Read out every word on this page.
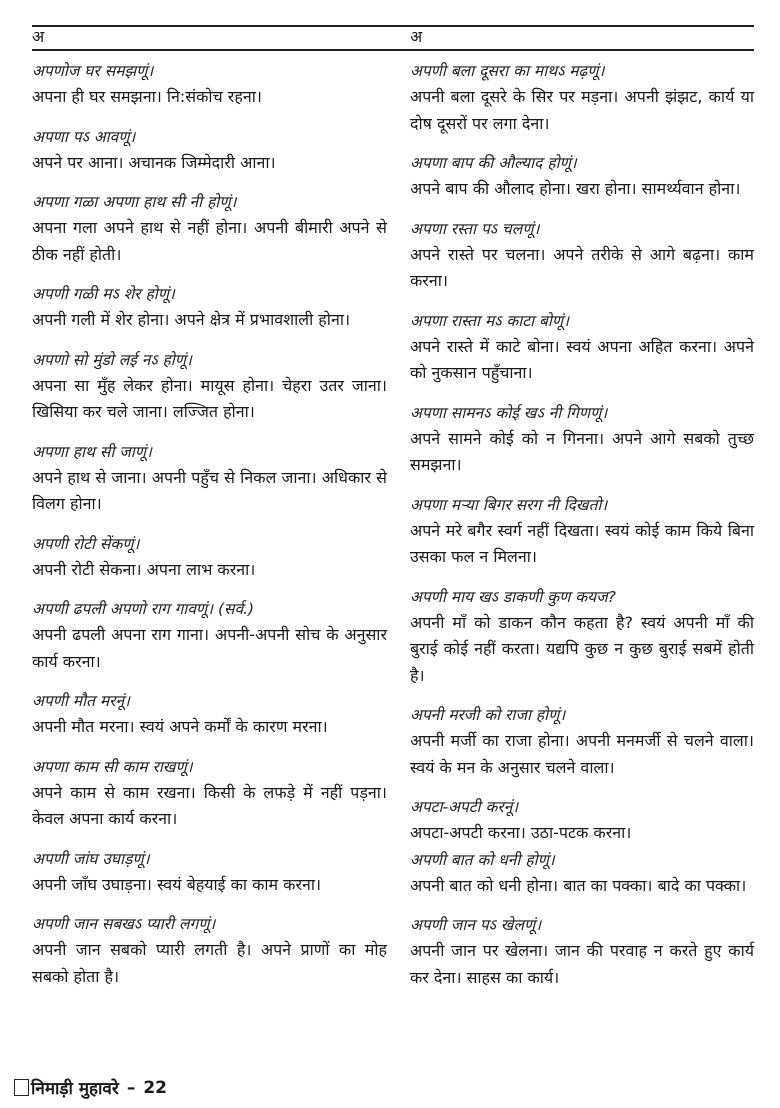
अ	अ
अपणोज घर समझणूं।
अपना ही घर समझना। नि:संकोच रहना।
अपणा पऽ आवणूं।
अपने पर आना। अचानक जिम्मेदारी आना।
अपणा गळा अपणा हाथ सी नी होणूं।
अपना गला अपने हाथ से नहीं होना। अपनी बीमारी अपने से ठीक नहीं होती।
अपणी गळी मऽ शेर होणूं।
अपनी गली में शेर होना। अपने क्षेत्र में प्रभावशाली होना।
अपणो सो मुंडो लई नऽ होणूं।
अपना सा मुँह लेकर होना। मायूस होना। चेहरा उतर जाना। खिसिया कर चले जाना। लज्जित होना।
अपणा हाथ सी जाणूं।
अपने हाथ से जाना। अपनी पहुँच से निकल जाना। अधिकार से विलग होना।
अपणी रोटी सेंकणूं।
अपनी रोटी सेकना। अपना लाभ करना।
अपणी ढपली अपणो राग गावणूं। (सर्व.)
अपनी ढपली अपना राग गाना। अपनी-अपनी सोच के अनुसार कार्य करना।
अपणी मौत मरनूं।
अपनी मौत मरना। स्वयं अपने कर्मों के कारण मरना।
अपणा काम सी काम राखणूं।
अपने काम से काम रखना। किसी के लफड़े में नहीं पड़ना। केवल अपना कार्य करना।
अपणी जांघ उघाड़णूं।
अपनी जाँघ उघाड़ना। स्वयं बेहयाई का काम करना।
अपणी जान सबखऽ प्यारी लगणूं।
अपनी जान सबको प्यारी लगती है। अपने प्राणों का मोह सबको होता है।
अपणी बला दूसरा का माथऽ मढ़णूं।
अपनी बला दूसरे के सिर पर मड़ना। अपनी झंझट, कार्य या दोष दूसरों पर लगा देना।
अपणा बाप की औल्याद होणूं।
अपने बाप की औलाद होना। खरा होना। सामर्थ्यवान होना।
अपणा रस्ता पऽ चलणूं।
अपने रास्ते पर चलना। अपने तरीके से आगे बढ़ना। काम करना।
अपणा रास्ता मऽ काटा बोणूं।
अपने रास्ते में काटे बोना। स्वयं अपना अहित करना। अपने को नुकसान पहुँचाना।
अपणा सामनऽ कोई खऽ नी गिणणूं।
अपने सामने कोई को न गिनना। अपने आगे सबको तुच्छ समझना।
अपणा मर्‍या बिगर सरग नी दिखतो।
अपने मरे बगैर स्वर्ग नहीं दिखता। स्वयं कोई काम किये बिना उसका फल न मिलना।
अपणी माय खऽ डाकणी कुण कयज?
अपनी माँ को डाकन कौन कहता है? स्वयं अपनी माँ की बुराई कोई नहीं करता। यद्यपि कुछ न कुछ बुराई सबमें होती है।
अपनी मरजी को राजा होणूं।
अपनी मर्जी का राजा होना। अपनी मनमर्जी से चलने वाला। स्वयं के मन के अनुसार चलने वाला।
अपटा-अपटी करनूं।
अपटा-अपटी करना। उठा-पटक करना।
अपणी बात को धनी होणूं।
अपनी बात को धनी होना। बात का पक्का। बादे का पक्का।
अपणी जान पऽ खेलणूं।
अपनी जान पर खेलना। जान की परवाह न करते हुए कार्य कर देना। साहस का कार्य।
निमाड़ी मुहावरे – 22
